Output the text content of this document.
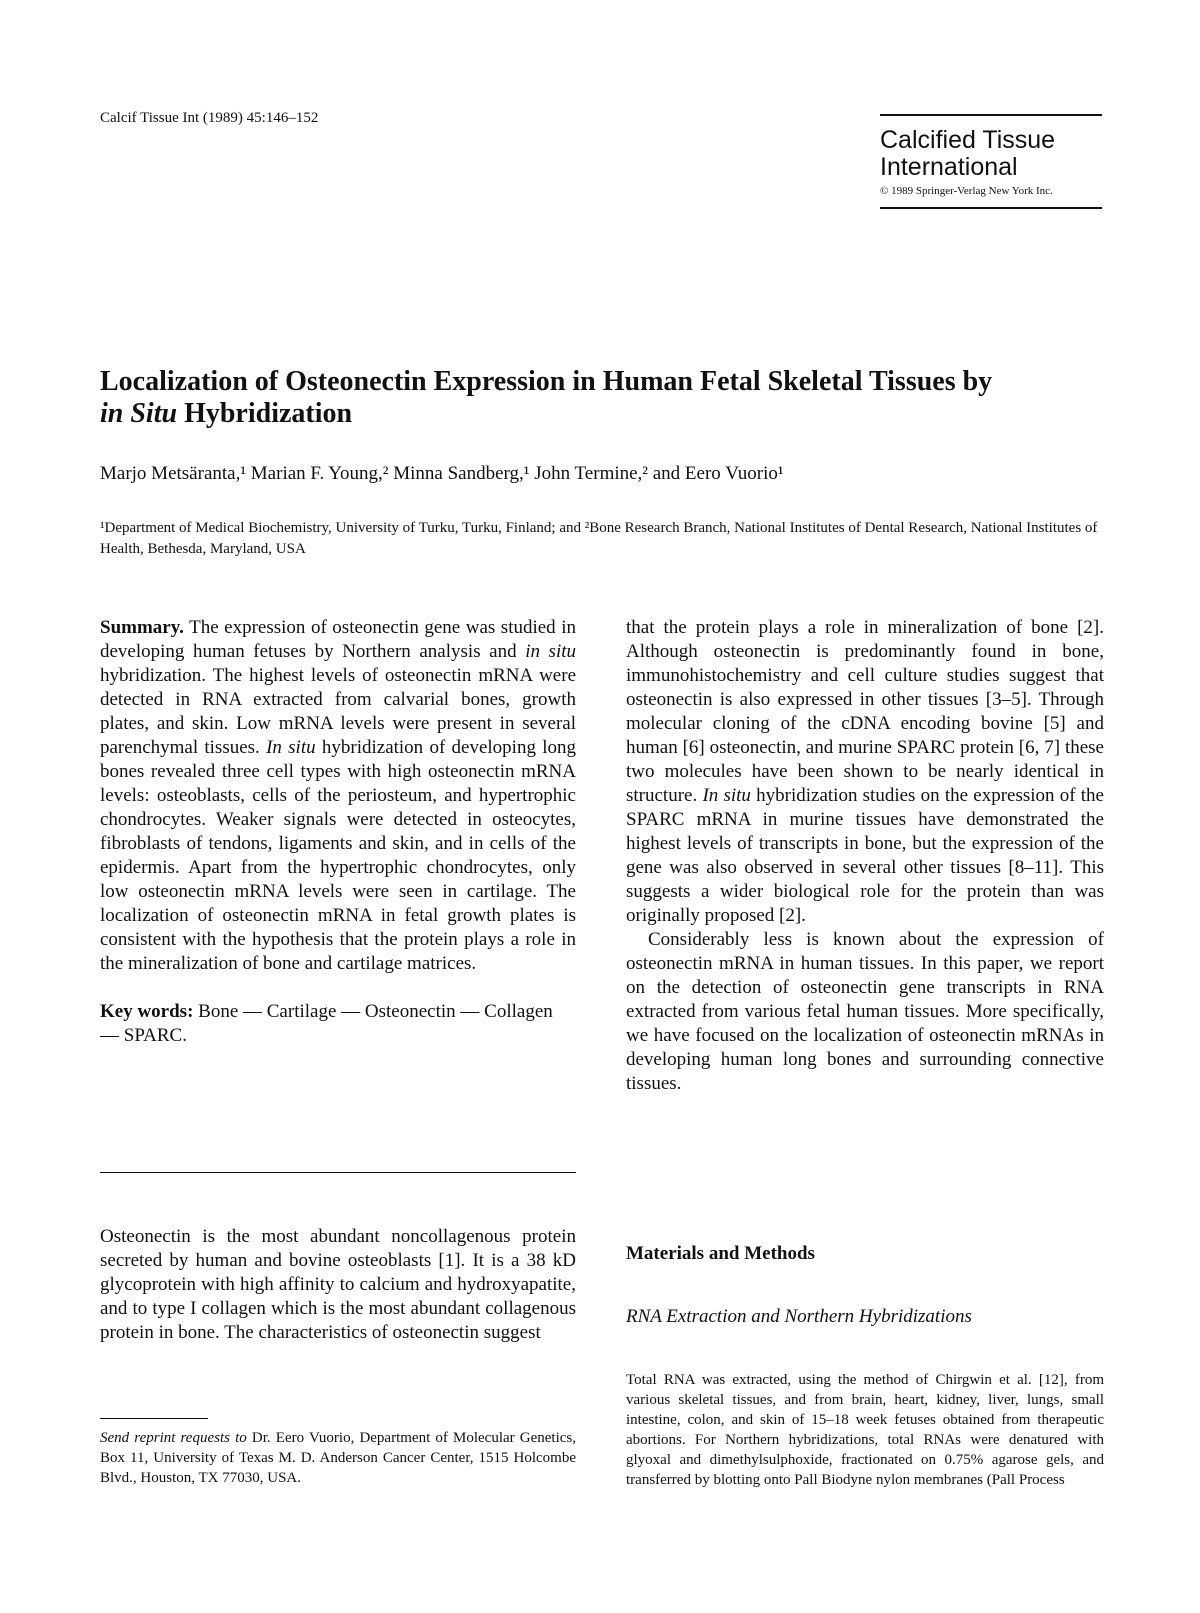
Calcif Tissue Int (1989) 45:146–152
Calcified Tissue
International
© 1989 Springer-Verlag New York Inc.
Localization of Osteonectin Expression in Human Fetal Skeletal Tissues by
in Situ Hybridization
Marjo Metsäranta,¹ Marian F. Young,² Minna Sandberg,¹ John Termine,² and Eero Vuorio¹
¹Department of Medical Biochemistry, University of Turku, Turku, Finland; and ²Bone Research Branch, National Institutes of Dental Research, National Institutes of Health, Bethesda, Maryland, USA

Summary. The expression of osteonectin gene was studied in developing human fetuses by Northern analysis and in situ hybridization. The highest levels of osteonectin mRNA were detected in RNA extracted from calvarial bones, growth plates, and skin. Low mRNA levels were present in several parenchymal tissues. In situ hybridization of developing long bones revealed three cell types with high osteonectin mRNA levels: osteoblasts, cells of the periosteum, and hypertrophic chondrocytes. Weaker signals were detected in osteocytes, fibroblasts of tendons, ligaments and skin, and in cells of the epidermis. Apart from the hypertrophic chondrocytes, only low osteonectin mRNA levels were seen in cartilage. The localization of osteonectin mRNA in fetal growth plates is consistent with the hypothesis that the protein plays a role in the mineralization of bone and cartilage matrices.

Key words: Bone — Cartilage — Osteonectin — Collagen — SPARC.

Osteonectin is the most abundant noncollagenous protein secreted by human and bovine osteoblasts [1]. It is a 38 kD glycoprotein with high affinity to calcium and hydroxyapatite, and to type I collagen which is the most abundant collagenous protein in bone. The characteristics of osteonectin suggest
Send reprint requests to Dr. Eero Vuorio, Department of Molecular Genetics, Box 11, University of Texas M. D. Anderson Cancer Center, 1515 Holcombe Blvd., Houston, TX 77030, USA.

that the protein plays a role in mineralization of bone [2]. Although osteonectin is predominantly found in bone, immunohistochemistry and cell culture studies suggest that osteonectin is also expressed in other tissues [3–5]. Through molecular cloning of the cDNA encoding bovine [5] and human [6] osteonectin, and murine SPARC protein [6, 7] these two molecules have been shown to be nearly identical in structure. In situ hybridization studies on the expression of the SPARC mRNA in murine tissues have demonstrated the highest levels of transcripts in bone, but the expression of the gene was also observed in several other tissues [8–11]. This suggests a wider biological role for the protein than was originally proposed [2].

Considerably less is known about the expression of osteonectin mRNA in human tissues. In this paper, we report on the detection of osteonectin gene transcripts in RNA extracted from various fetal human tissues. More specifically, we have focused on the localization of osteonectin mRNAs in developing human long bones and surrounding connective tissues.

Materials and Methods
RNA Extraction and Northern Hybridizations
Total RNA was extracted, using the method of Chirgwin et al. [12], from various skeletal tissues, and from brain, heart, kidney, liver, lungs, small intestine, colon, and skin of 15–18 week fetuses obtained from therapeutic abortions. For Northern hybridizations, total RNAs were denatured with glyoxal and dimethylsulphoxide, fractionated on 0.75% agarose gels, and transferred by blotting onto Pall Biodyne nylon membranes (Pall Process
